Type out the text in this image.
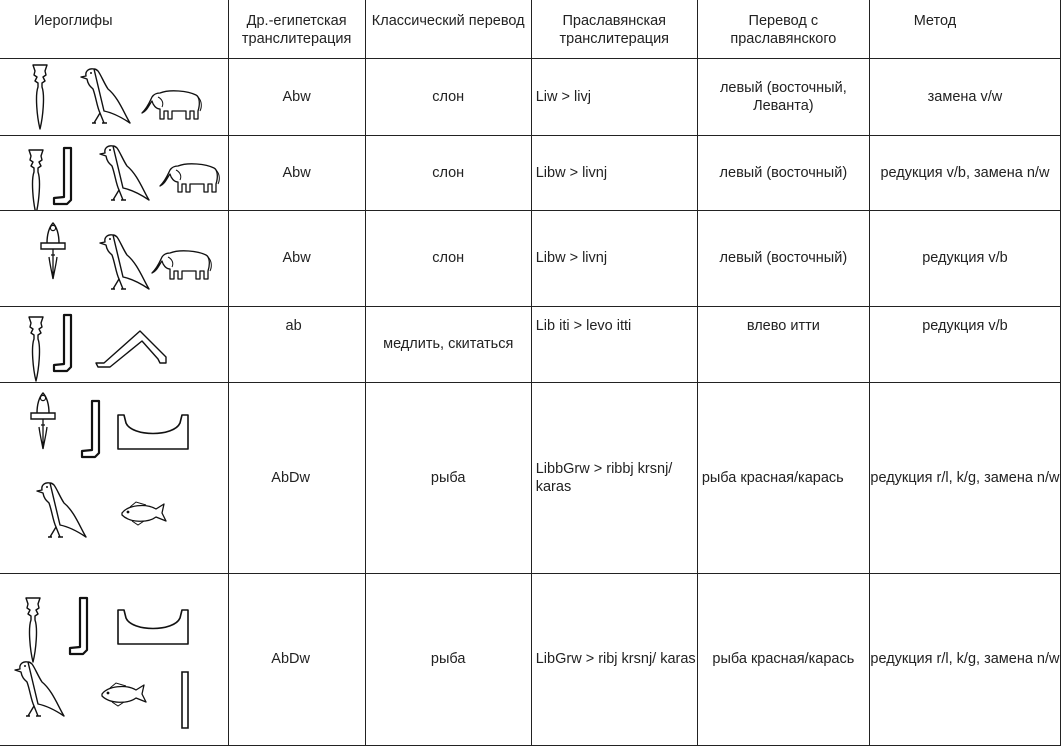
Иероглифы	Др.-египетская транслитерация	Классический перевод	Праславянская транслитерация	Перевод с праславянского	Метод

	Abw	слон	Liw > livj	левый (восточный, Леванта)	замена v/w

	Abw	слон	Libw > livnj	левый (восточный)	редукция v/b, замена n/w

	Abw	слон	Libw > livnj	левый (восточный)	редукция v/b

	ab	медлить, скитаться	Lib iti > levo itti	влево итти	редукция v/b

	AbDw	рыба	LibbGrw > ribbj krsnj/ karas	рыба красная/карась	редукция r/l, k/g, замена n/w

	AbDw	рыба	LibGrw > ribj krsnj/ karas	рыба красная/карась	редукция r/l, k/g, замена n/w
